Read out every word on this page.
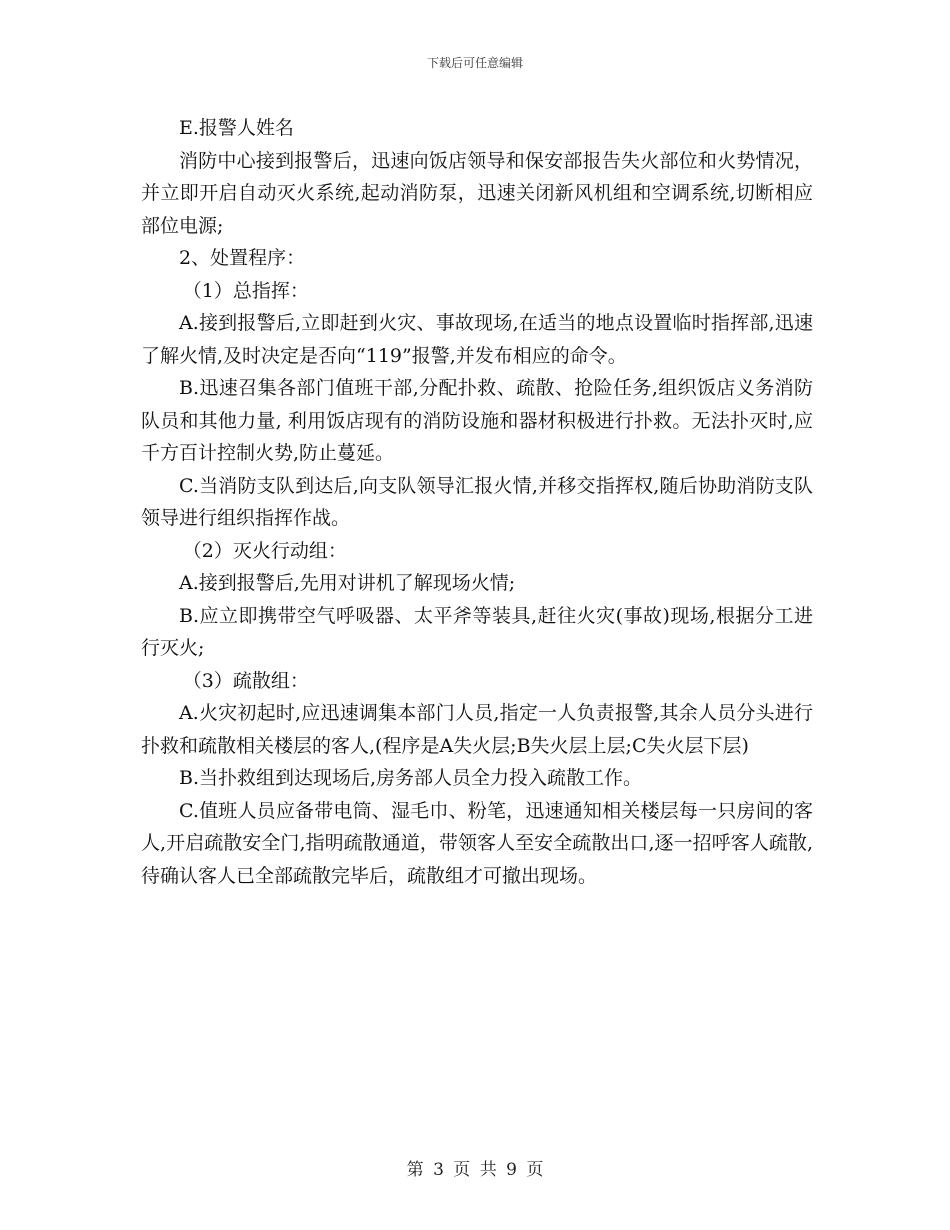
下载后可任意编辑

E.报警人姓名

消防中心接到报警后，迅速向饭店领导和保安部报告失火部位和火势情况，并立即开启自动灭火系统,起动消防泵，迅速关闭新风机组和空调系统,切断相应部位电源;

2、处置程序：

（1）总指挥：

A.接到报警后,立即赶到火灾、事故现场,在适当的地点设置临时指挥部,迅速了解火情,及时决定是否向“119”报警,并发布相应的命令。

B.迅速召集各部门值班干部,分配扑救、疏散、抢险任务,组织饭店义务消防队员和其他力量, 利用饭店现有的消防设施和器材积极进行扑救。无法扑灭时,应千方百计控制火势,防止蔓延。

C.当消防支队到达后,向支队领导汇报火情,并移交指挥权,随后协助消防支队领导进行组织指挥作战。

（2）灭火行动组：

A.接到报警后,先用对讲机了解现场火情;

B.应立即携带空气呼吸器、太平斧等装具,赶往火灾(事故)现场,根据分工进行灭火;

（3）疏散组：

A.火灾初起时,应迅速调集本部门人员,指定一人负责报警,其余人员分头进行扑救和疏散相关楼层的客人,(程序是A失火层;B失火层上层;C失火层下层)

B.当扑救组到达现场后,房务部人员全力投入疏散工作。

C.值班人员应备带电筒、湿毛巾、粉笔，迅速通知相关楼层每一只房间的客人,开启疏散安全门,指明疏散通道，带领客人至安全疏散出口,逐一招呼客人疏散,待确认客人已全部疏散完毕后，疏散组才可撤出现场。

第 3 页 共 9 页
